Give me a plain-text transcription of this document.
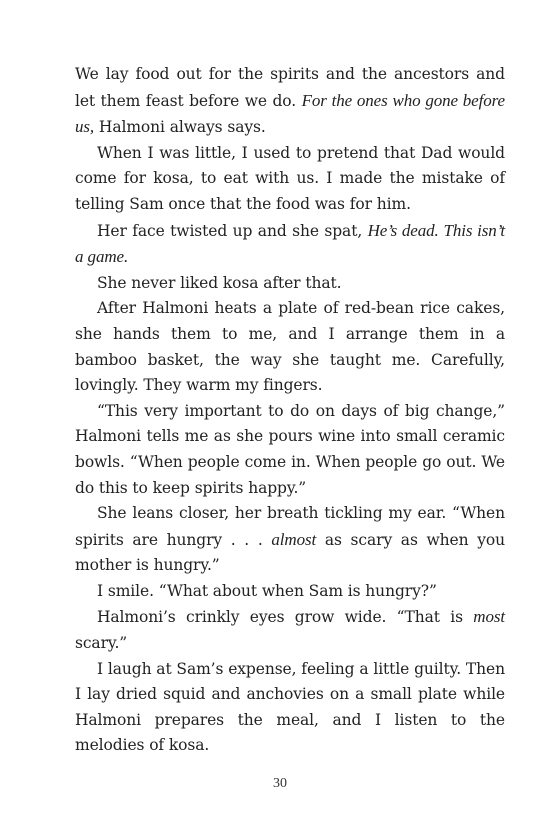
We lay food out for the spirits and the ancestors and let them feast before we do. For the ones who gone before us, Halmoni always says.

When I was little, I used to pretend that Dad would come for kosa, to eat with us. I made the mistake of telling Sam once that the food was for him.

Her face twisted up and she spat, He’s dead. This isn’t a game.

She never liked kosa after that.

After Halmoni heats a plate of red-bean rice cakes, she hands them to me, and I arrange them in a bamboo basket, the way she taught me. Carefully, lovingly. They warm my fingers.

“This very important to do on days of big change,” Halmoni tells me as she pours wine into small ceramic bowls. “When people come in. When people go out. We do this to keep spirits happy.”

She leans closer, her breath tickling my ear. “When spirits are hungry . . . almost as scary as when you mother is hungry.”

I smile. “What about when Sam is hungry?”

Halmoni’s crinkly eyes grow wide. “That is most scary.”

I laugh at Sam’s expense, feeling a little guilty. Then I lay dried squid and anchovies on a small plate while Halmoni prepares the meal, and I listen to the melodies of kosa.

30
